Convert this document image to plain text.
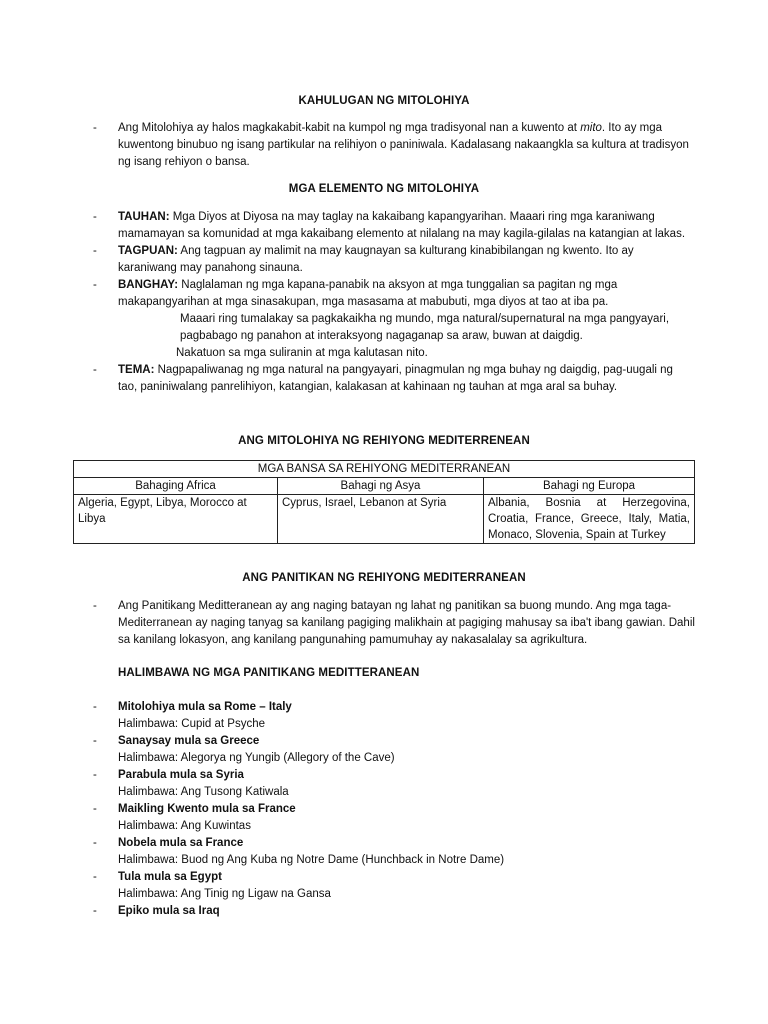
KAHULUGAN NG MITOLOHIYA
- Ang Mitolohiya ay halos magkakabit-kabit na kumpol ng mga tradisyonal nan a kuwento at mito. Ito ay mga kuwentong binubuo ng isang partikular na relihiyon o paniniwala. Kadalasang nakaangkla sa kultura at tradisyon ng isang rehiyon o bansa.
MGA ELEMENTO NG MITOLOHIYA
- TAUHAN: Mga Diyos at Diyosa na may taglay na kakaibang kapangyarihan. Maaari ring mga karaniwang mamamayan sa komunidad at mga kakaibang elemento at nilalang na may kagila-gilalas na katangian at lakas.
- TAGPUAN: Ang tagpuan ay malimit na may kaugnayan sa kulturang kinabibilangan ng kwento. Ito ay karaniwang may panahong sinauna.
- BANGHAY: Naglalaman ng mga kapana-panabik na aksyon at mga tunggalian sa pagitan ng mga makapangyarihan at mga sinasakupan, mga masasama at mabubuti, mga diyos at tao at iba pa.
Maaari ring tumalakay sa pagkakaikha ng mundo, mga natural/supernatural na mga pangyayari, pagbabago ng panahon at interaksyong nagaganap sa araw, buwan at daigdig.
Nakatuon sa mga suliranin at mga kalutasan nito.
- TEMA: Nagpapaliwanag ng mga natural na pangyayari, pinagmulan ng mga buhay ng daigdig, pag-uugali ng tao, paniniwalang panrelihiyon, katangian, kalakasan at kahinaan ng tauhan at mga aral sa buhay.
ANG MITOLOHIYA NG REHIYONG MEDITERRENEAN
MGA BANSA SA REHIYONG MEDITERRANEAN		
Bahaging Africa	Bahagi ng Asya	Bahagi ng Europa
Algeria, Egypt, Libya, Morocco at Libya	Cyprus, Israel, Lebanon at Syria	Albania, Bosnia at Herzegovina, Croatia, France, Greece, Italy, Matia, Monaco, Slovenia, Spain at Turkey
ANG PANITIKAN NG REHIYONG MEDITERRANEAN
- Ang Panitikang Meditteranean ay ang naging batayan ng lahat ng panitikan sa buong mundo. Ang mga taga-Mediterranean ay naging tanyag sa kanilang pagiging malikhain at pagiging mahusay sa iba't ibang gawian. Dahil sa kanilang lokasyon, ang kanilang pangunahing pamumuhay ay nakasalalay sa agrikultura.
HALIMBAWA NG MGA PANITIKANG MEDITTERANEAN
- Mitolohiya mula sa Rome – Italy
Halimbawa: Cupid at Psyche
- Sanaysay mula sa Greece
Halimbawa: Alegorya ng Yungib (Allegory of the Cave)
- Parabula mula sa Syria
Halimbawa: Ang Tusong Katiwala
- Maikling Kwento mula sa France
Halimbawa: Ang Kuwintas
- Nobela mula sa France
Halimbawa: Buod ng Ang Kuba ng Notre Dame (Hunchback in Notre Dame)
- Tula mula sa Egypt
Halimbawa: Ang Tinig ng Ligaw na Gansa
- Epiko mula sa Iraq
